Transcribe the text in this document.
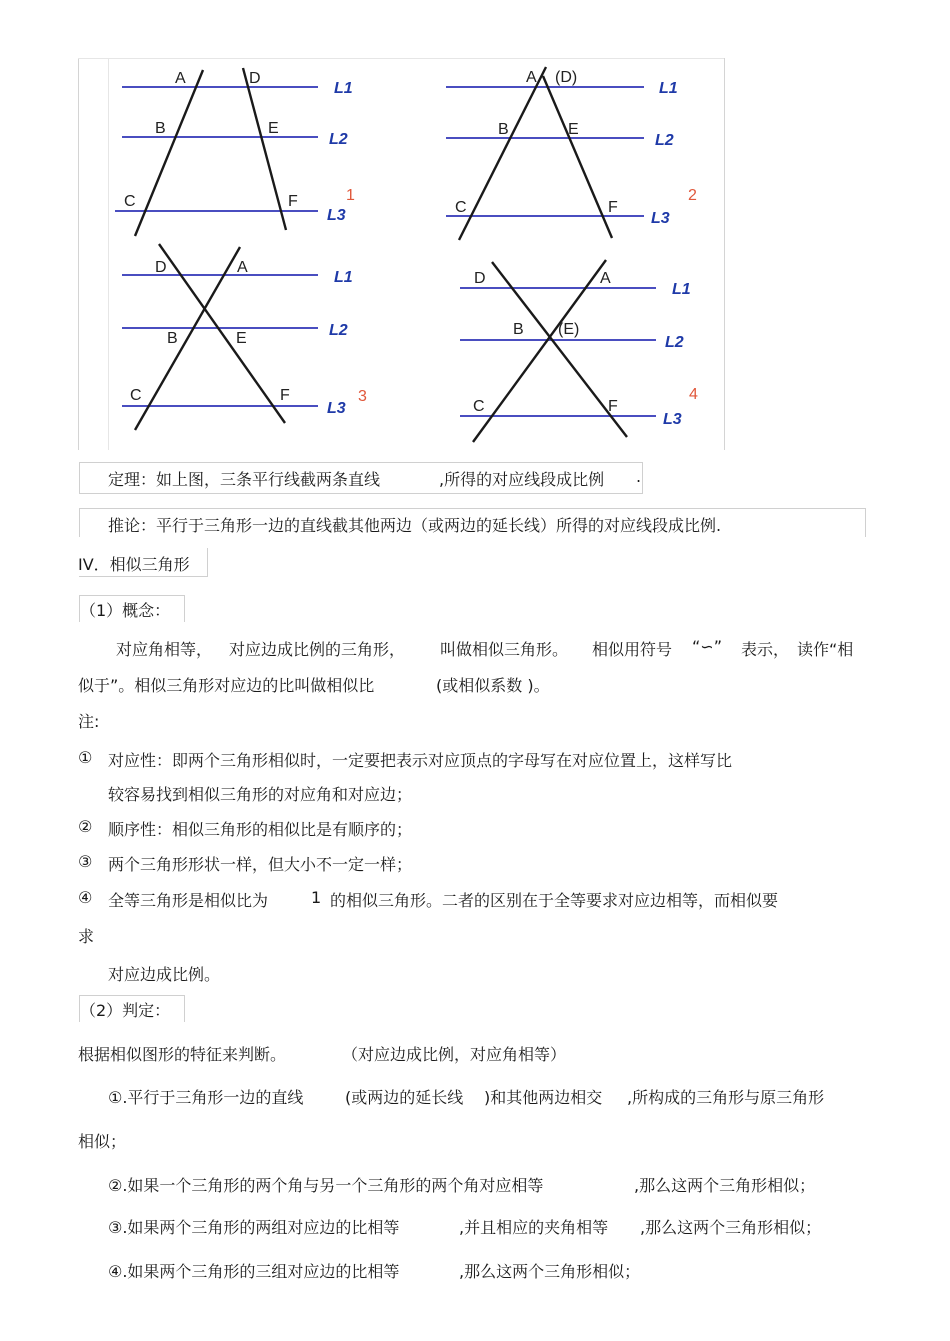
A	D
B	E
C	F
L1
L2
L3
1
A (D)
B	E
C	F
L1
L2
L3
2
D	A
B	E
C	F
L1
L2
L3
3
D	A
B (E)
C	F
L1
L2
L3
4
定理：如上图，三条平行线截两条直线	,所得的对应线段成比例 .
推论：平行于三角形一边的直线截其他两边（或两边的延长线）所得的对应线段成比例.
IV．相似三角形
（1）概念：
对应角相等， 对应边成比例的三角形， 叫做相似三角形。 相似用符号 “∽” 表示， 读作“相
似于”。相似三角形对应边的比叫做相似比	(或相似系数 )。
注:
① 对应性：即两个三角形相似时，一定要把表示对应顶点的字母写在对应位置上，这样写比
较容易找到相似三角形的对应角和对应边；
② 顺序性：相似三角形的相似比是有顺序的；
③ 两个三角形形状一样，但大小不一定一样；
④ 全等三角形是相似比为	1 的相似三角形。二者的区别在于全等要求对应边相等，而相似要
求
对应边成比例。
（2）判定：
根据相似图形的特征来判断。	（对应边成比例，对应角相等）
①.平行于三角形一边的直线	(或两边的延长线 )和其他两边相交 ,所构成的三角形与原三角形
相似；
②.如果一个三角形的两个角与另一个三角形的两个角对应相等	,那么这两个三角形相似；
③.如果两个三角形的两组对应边的比相等	,并且相应的夹角相等 ,那么这两个三角形相似；
④.如果两个三角形的三组对应边的比相等	,那么这两个三角形相似；
